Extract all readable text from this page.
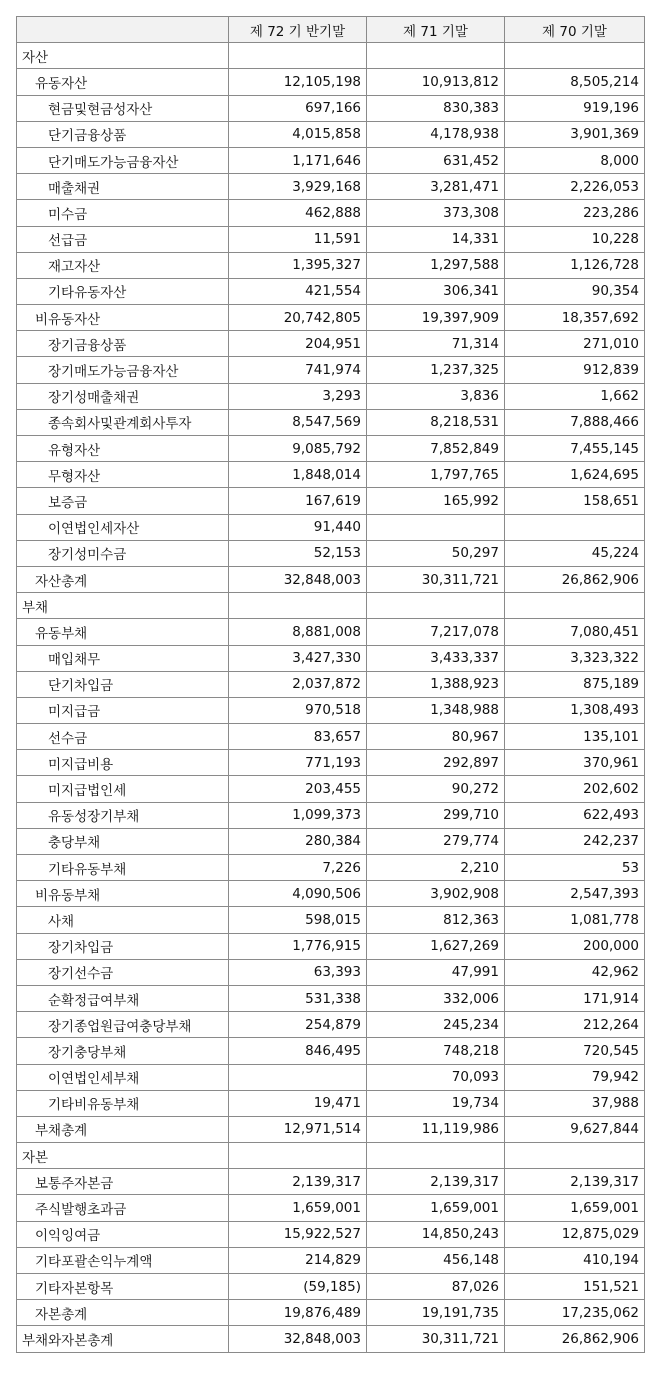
	제 72 기 반기말	제 71 기말	제 70 기말
자산			
유동자산	12,105,198	10,913,812	8,505,214
현금및현금성자산	697,166	830,383	919,196
단기금융상품	4,015,858	4,178,938	3,901,369
단기매도가능금융자산	1,171,646	631,452	8,000
매출채권	3,929,168	3,281,471	2,226,053
미수금	462,888	373,308	223,286
선급금	11,591	14,331	10,228
재고자산	1,395,327	1,297,588	1,126,728
기타유동자산	421,554	306,341	90,354
비유동자산	20,742,805	19,397,909	18,357,692
장기금융상품	204,951	71,314	271,010
장기매도가능금융자산	741,974	1,237,325	912,839
장기성매출채권	3,293	3,836	1,662
종속회사및관계회사투자	8,547,569	8,218,531	7,888,466
유형자산	9,085,792	7,852,849	7,455,145
무형자산	1,848,014	1,797,765	1,624,695
보증금	167,619	165,992	158,651
이연법인세자산	91,440		
장기성미수금	52,153	50,297	45,224
자산총계	32,848,003	30,311,721	26,862,906
부채			
유동부채	8,881,008	7,217,078	7,080,451
매입채무	3,427,330	3,433,337	3,323,322
단기차입금	2,037,872	1,388,923	875,189
미지급금	970,518	1,348,988	1,308,493
선수금	83,657	80,967	135,101
미지급비용	771,193	292,897	370,961
미지급법인세	203,455	90,272	202,602
유동성장기부채	1,099,373	299,710	622,493
충당부채	280,384	279,774	242,237
기타유동부채	7,226	2,210	53
비유동부채	4,090,506	3,902,908	2,547,393
사채	598,015	812,363	1,081,778
장기차입금	1,776,915	1,627,269	200,000
장기선수금	63,393	47,991	42,962
순확정급여부채	531,338	332,006	171,914
장기종업원급여충당부채	254,879	245,234	212,264
장기충당부채	846,495	748,218	720,545
이연법인세부채		70,093	79,942
기타비유동부채	19,471	19,734	37,988
부채총계	12,971,514	11,119,986	9,627,844
자본			
보통주자본금	2,139,317	2,139,317	2,139,317
주식발행초과금	1,659,001	1,659,001	1,659,001
이익잉여금	15,922,527	14,850,243	12,875,029
기타포괄손익누계액	214,829	456,148	410,194
기타자본항목	(59,185)	87,026	151,521
자본총계	19,876,489	19,191,735	17,235,062
부채와자본총계	32,848,003	30,311,721	26,862,906
